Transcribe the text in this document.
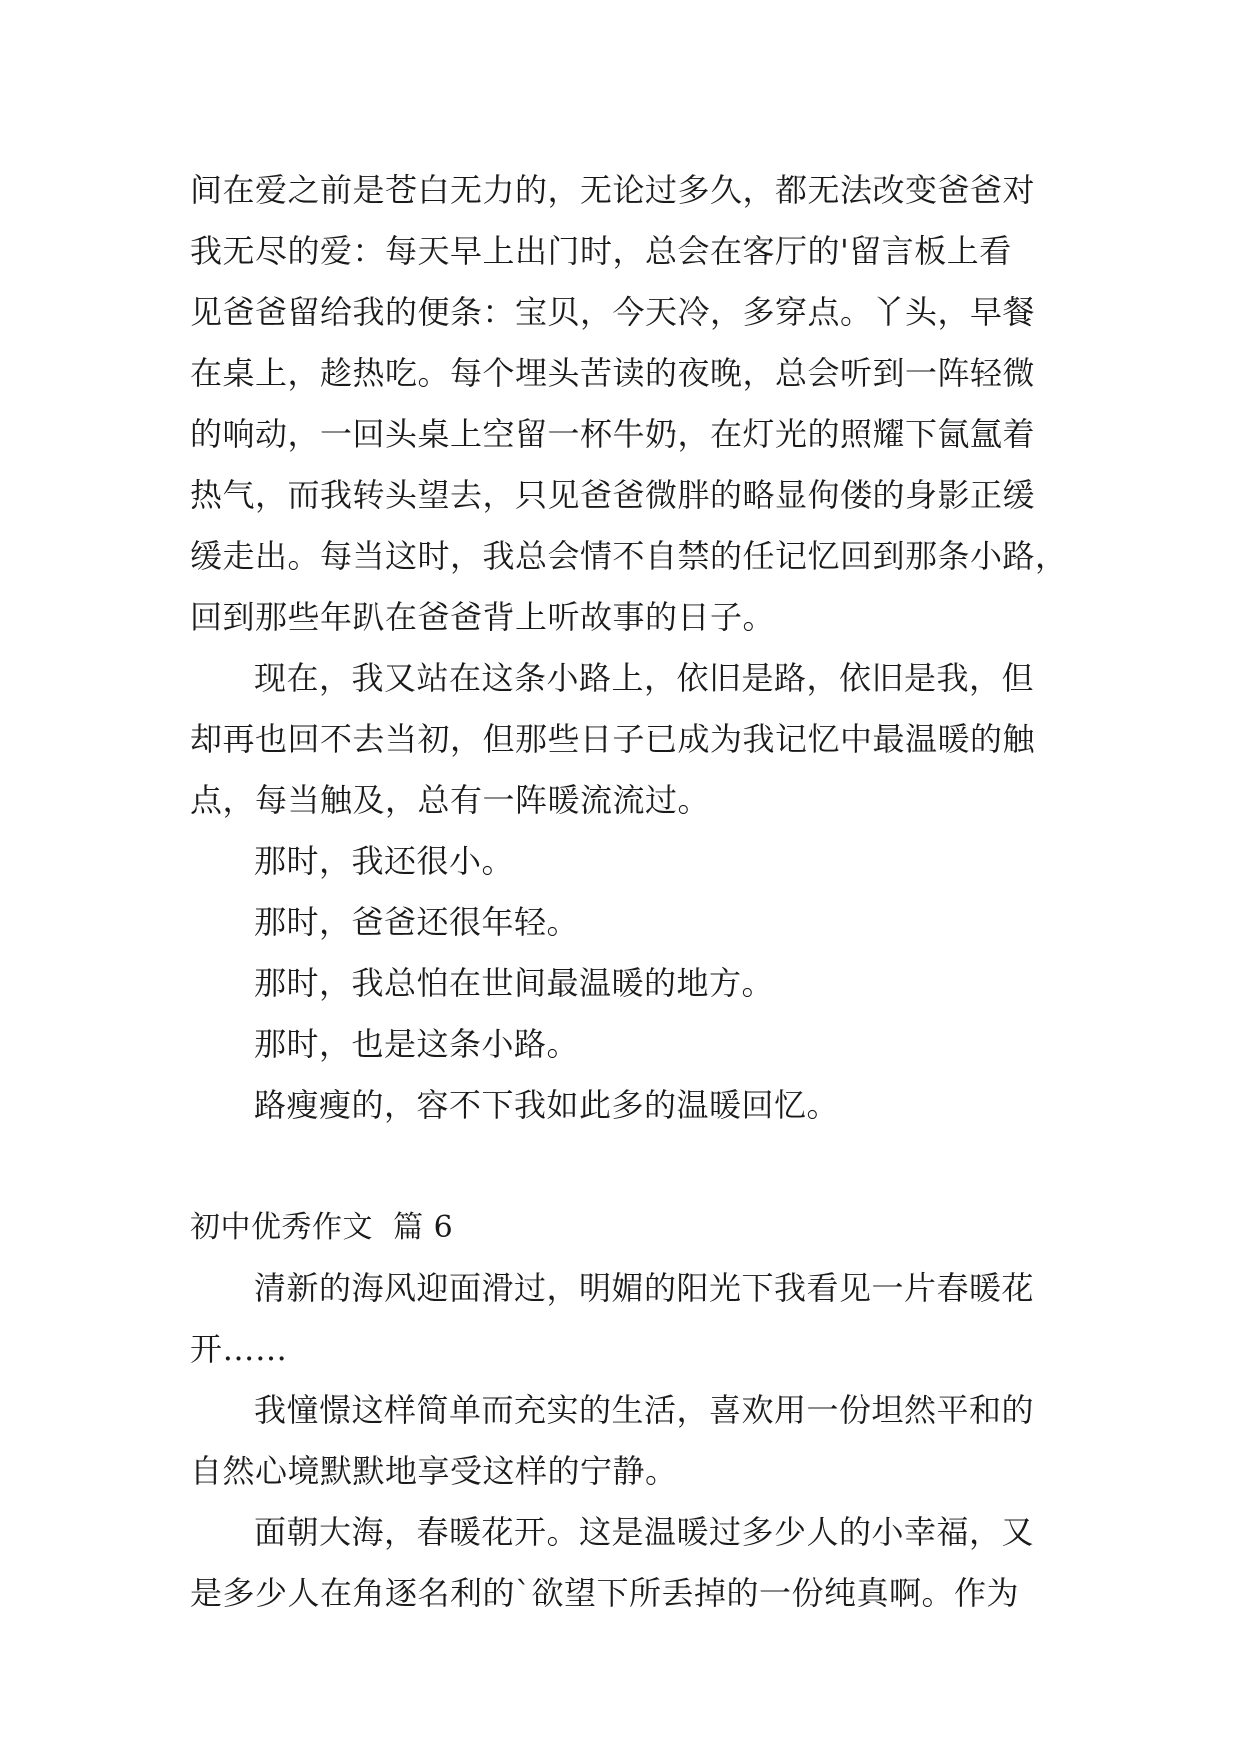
间在爱之前是苍白无力的，无论过多久，都无法改变爸爸对
我无尽的爱：每天早上出门时，总会在客厅的'留言板上看
见爸爸留给我的便条：宝贝，今天冷，多穿点。丫头，早餐
在桌上，趁热吃。每个埋头苦读的夜晚，总会听到一阵轻微
的响动，一回头桌上空留一杯牛奶，在灯光的照耀下氤氲着
热气，而我转头望去，只见爸爸微胖的略显佝偻的身影正缓
缓走出。每当这时，我总会情不自禁的任记忆回到那条小路，
回到那些年趴在爸爸背上听故事的日子。
现在，我又站在这条小路上，依旧是路，依旧是我，但
却再也回不去当初，但那些日子已成为我记忆中最温暖的触
点，每当触及，总有一阵暖流流过。
那时，我还很小。
那时，爸爸还很年轻。
那时，我总怕在世间最温暖的地方。
那时，也是这条小路。
路瘦瘦的，容不下我如此多的温暖回忆。
初中优秀作文  篇 6
清新的海风迎面滑过，明媚的阳光下我看见一片春暖花
开……
我憧憬这样简单而充实的生活，喜欢用一份坦然平和的
自然心境默默地享受这样的宁静。
面朝大海，春暖花开。这是温暖过多少人的小幸福，又
是多少人在角逐名利的`欲望下所丢掉的一份纯真啊。作为
